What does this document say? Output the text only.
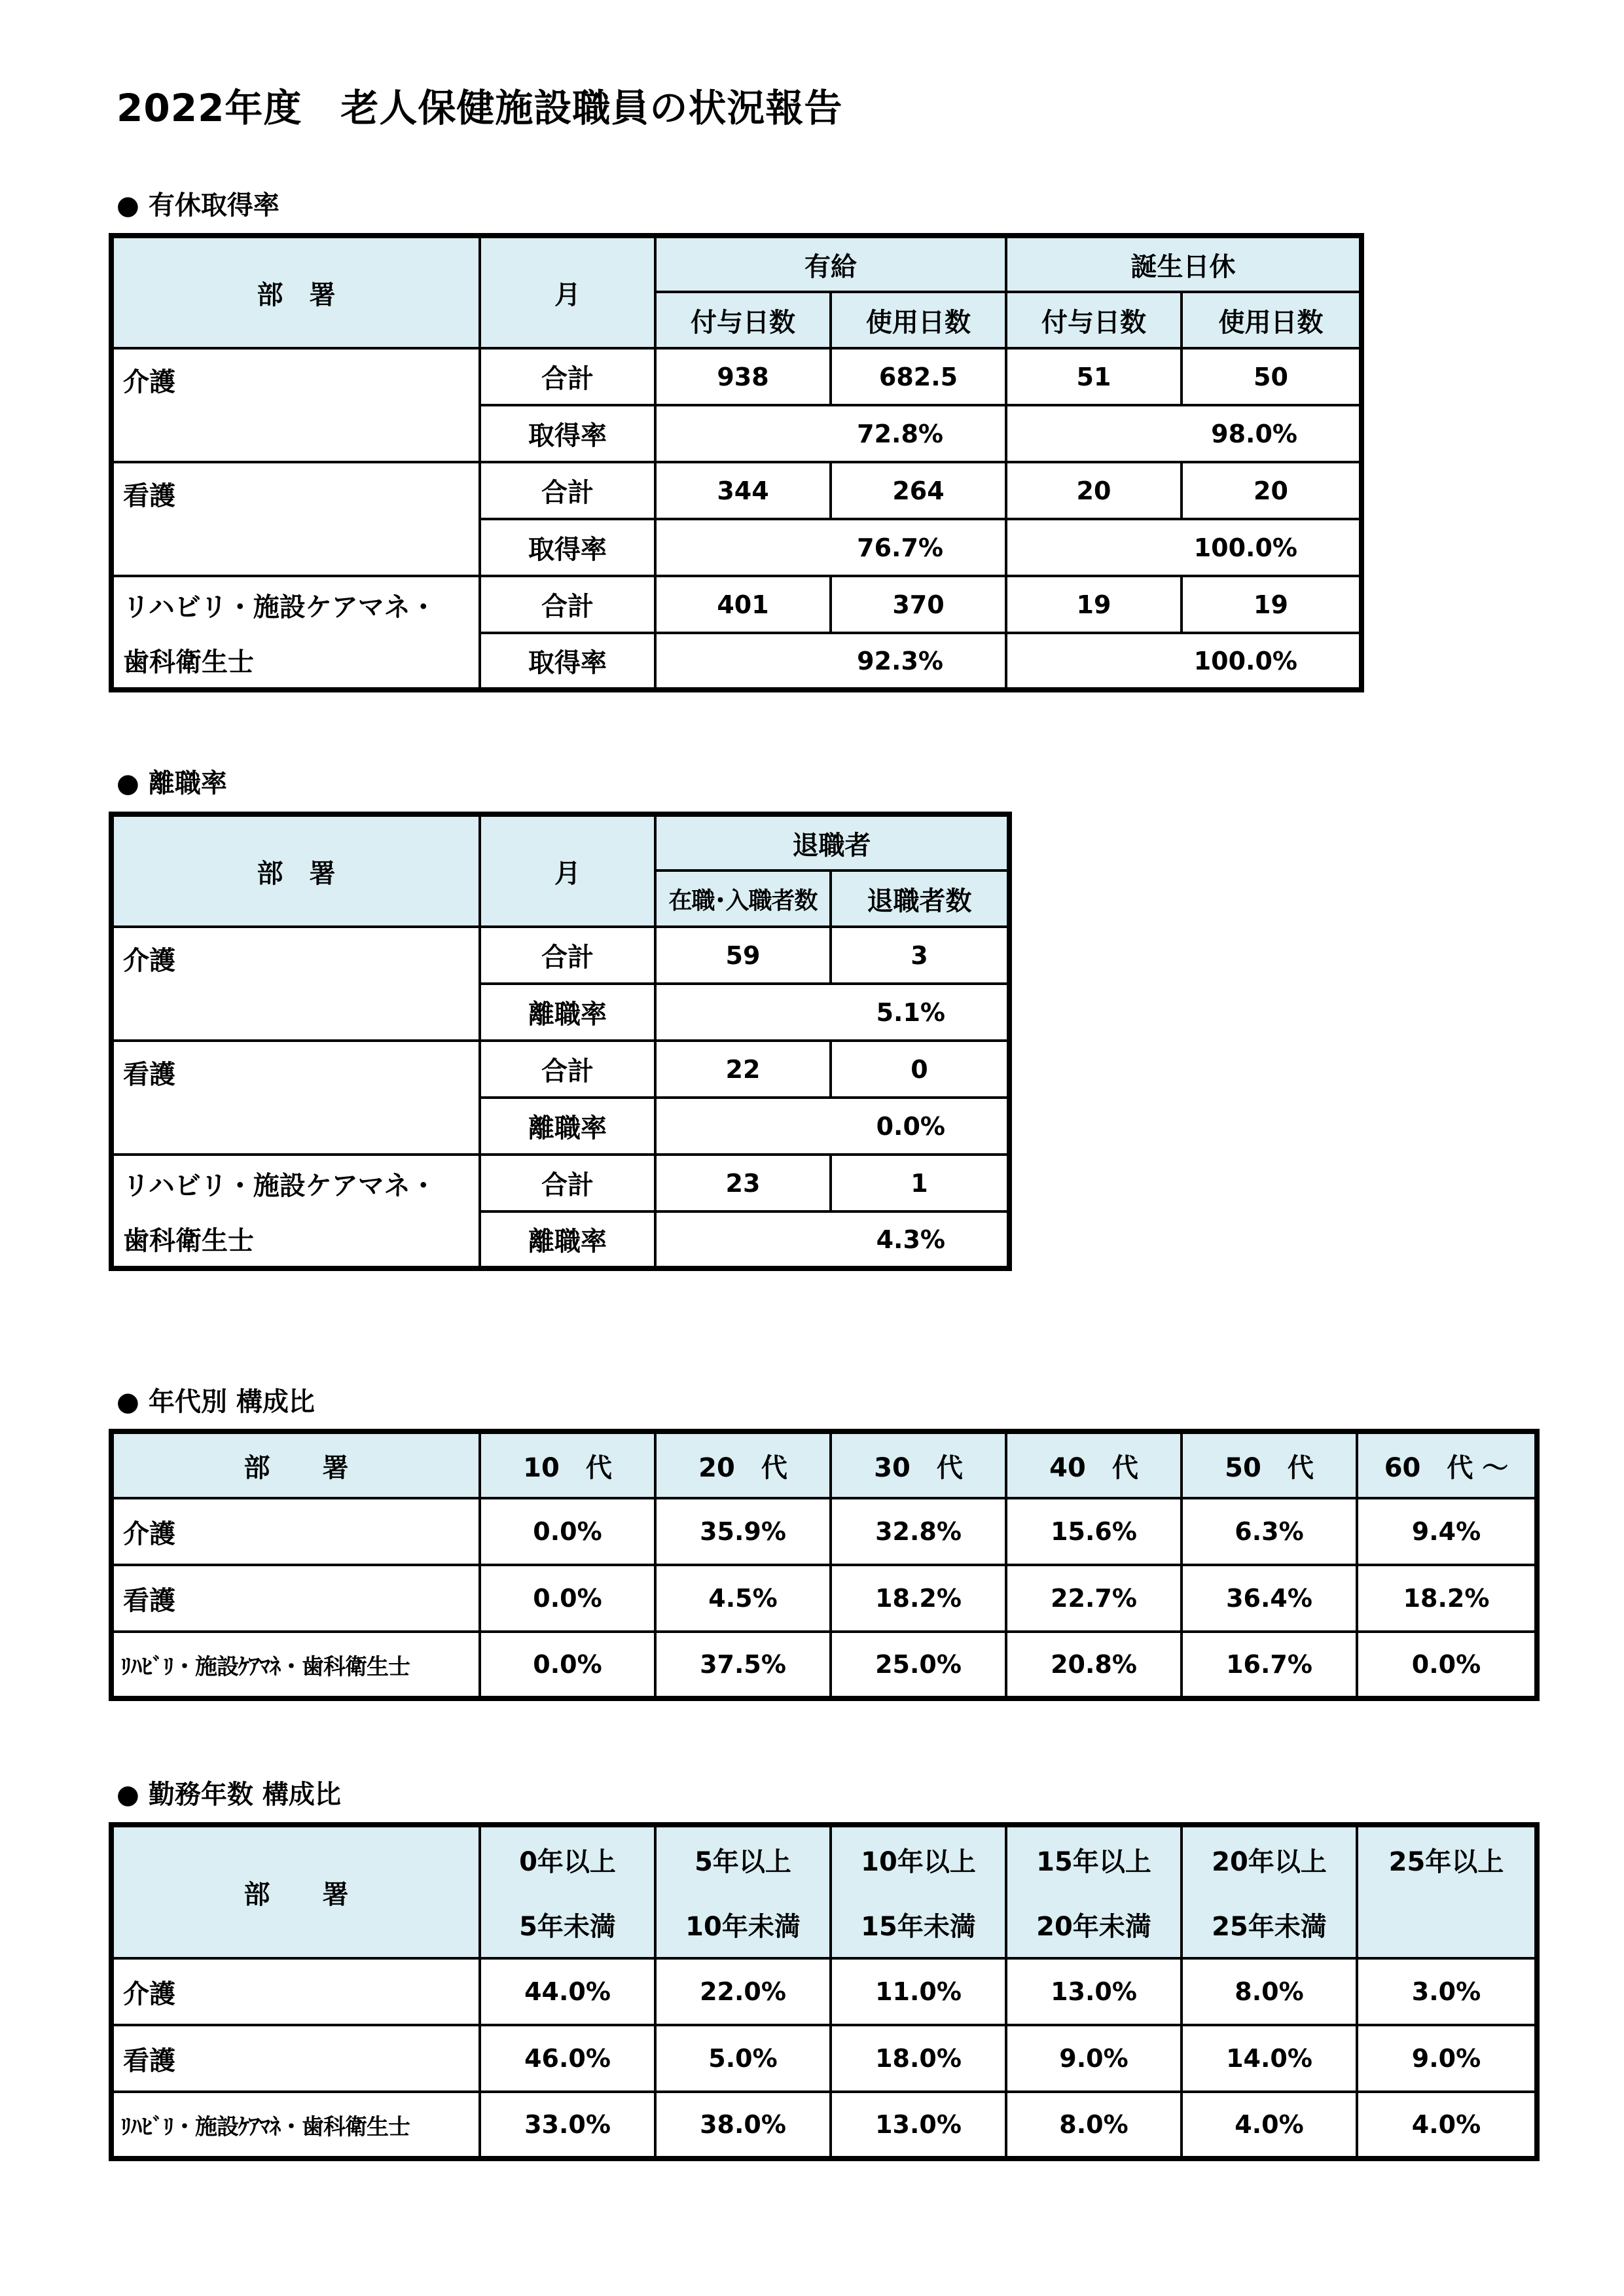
2022年度　老人保健施設職員の状況報告
● 有休取得率
部　署	月	有給		誕生日休	
		付与日数	使用日数	付与日数	使用日数
介護	合計	938	682.5	51	50
	取得率	72.8%		98.0%	
看護	合計	344	264	20	20
	取得率	76.7%		100.0%	
リハビリ・施設ケアマネ・	合計	401	370	19	19
歯科衛生士	取得率	92.3%		100.0%	
● 離職率
部　署	月	退職者	
		在職･入職者数	退職者数
介護	合計	59	3
	離職率	5.1%	
看護	合計	22	0
	離職率	0.0%	
リハビリ・施設ケアマネ・	合計	23	1
歯科衛生士	離職率	4.3%	
● 年代別 構成比
部　　署	10　代	20　代	30　代	40　代	50　代	60　代 ～
介護	0.0%	35.9%	32.8%	15.6%	6.3%	9.4%
看護	0.0%	4.5%	18.2%	22.7%	36.4%	18.2%
ﾘﾊﾋﾞﾘ・施設ｹｱﾏﾈ・歯科衛生士	0.0%	37.5%	25.0%	20.8%	16.7%	0.0%
● 勤務年数 構成比
部　　署	0年以上	5年以上	10年以上	15年以上	20年以上	25年以上
	5年未満	10年未満	15年未満	20年未満	25年未満	
介護	44.0%	22.0%	11.0%	13.0%	8.0%	3.0%
看護	46.0%	5.0%	18.0%	9.0%	14.0%	9.0%
ﾘﾊﾋﾞﾘ・施設ｹｱﾏﾈ・歯科衛生士	33.0%	38.0%	13.0%	8.0%	4.0%	4.0%
